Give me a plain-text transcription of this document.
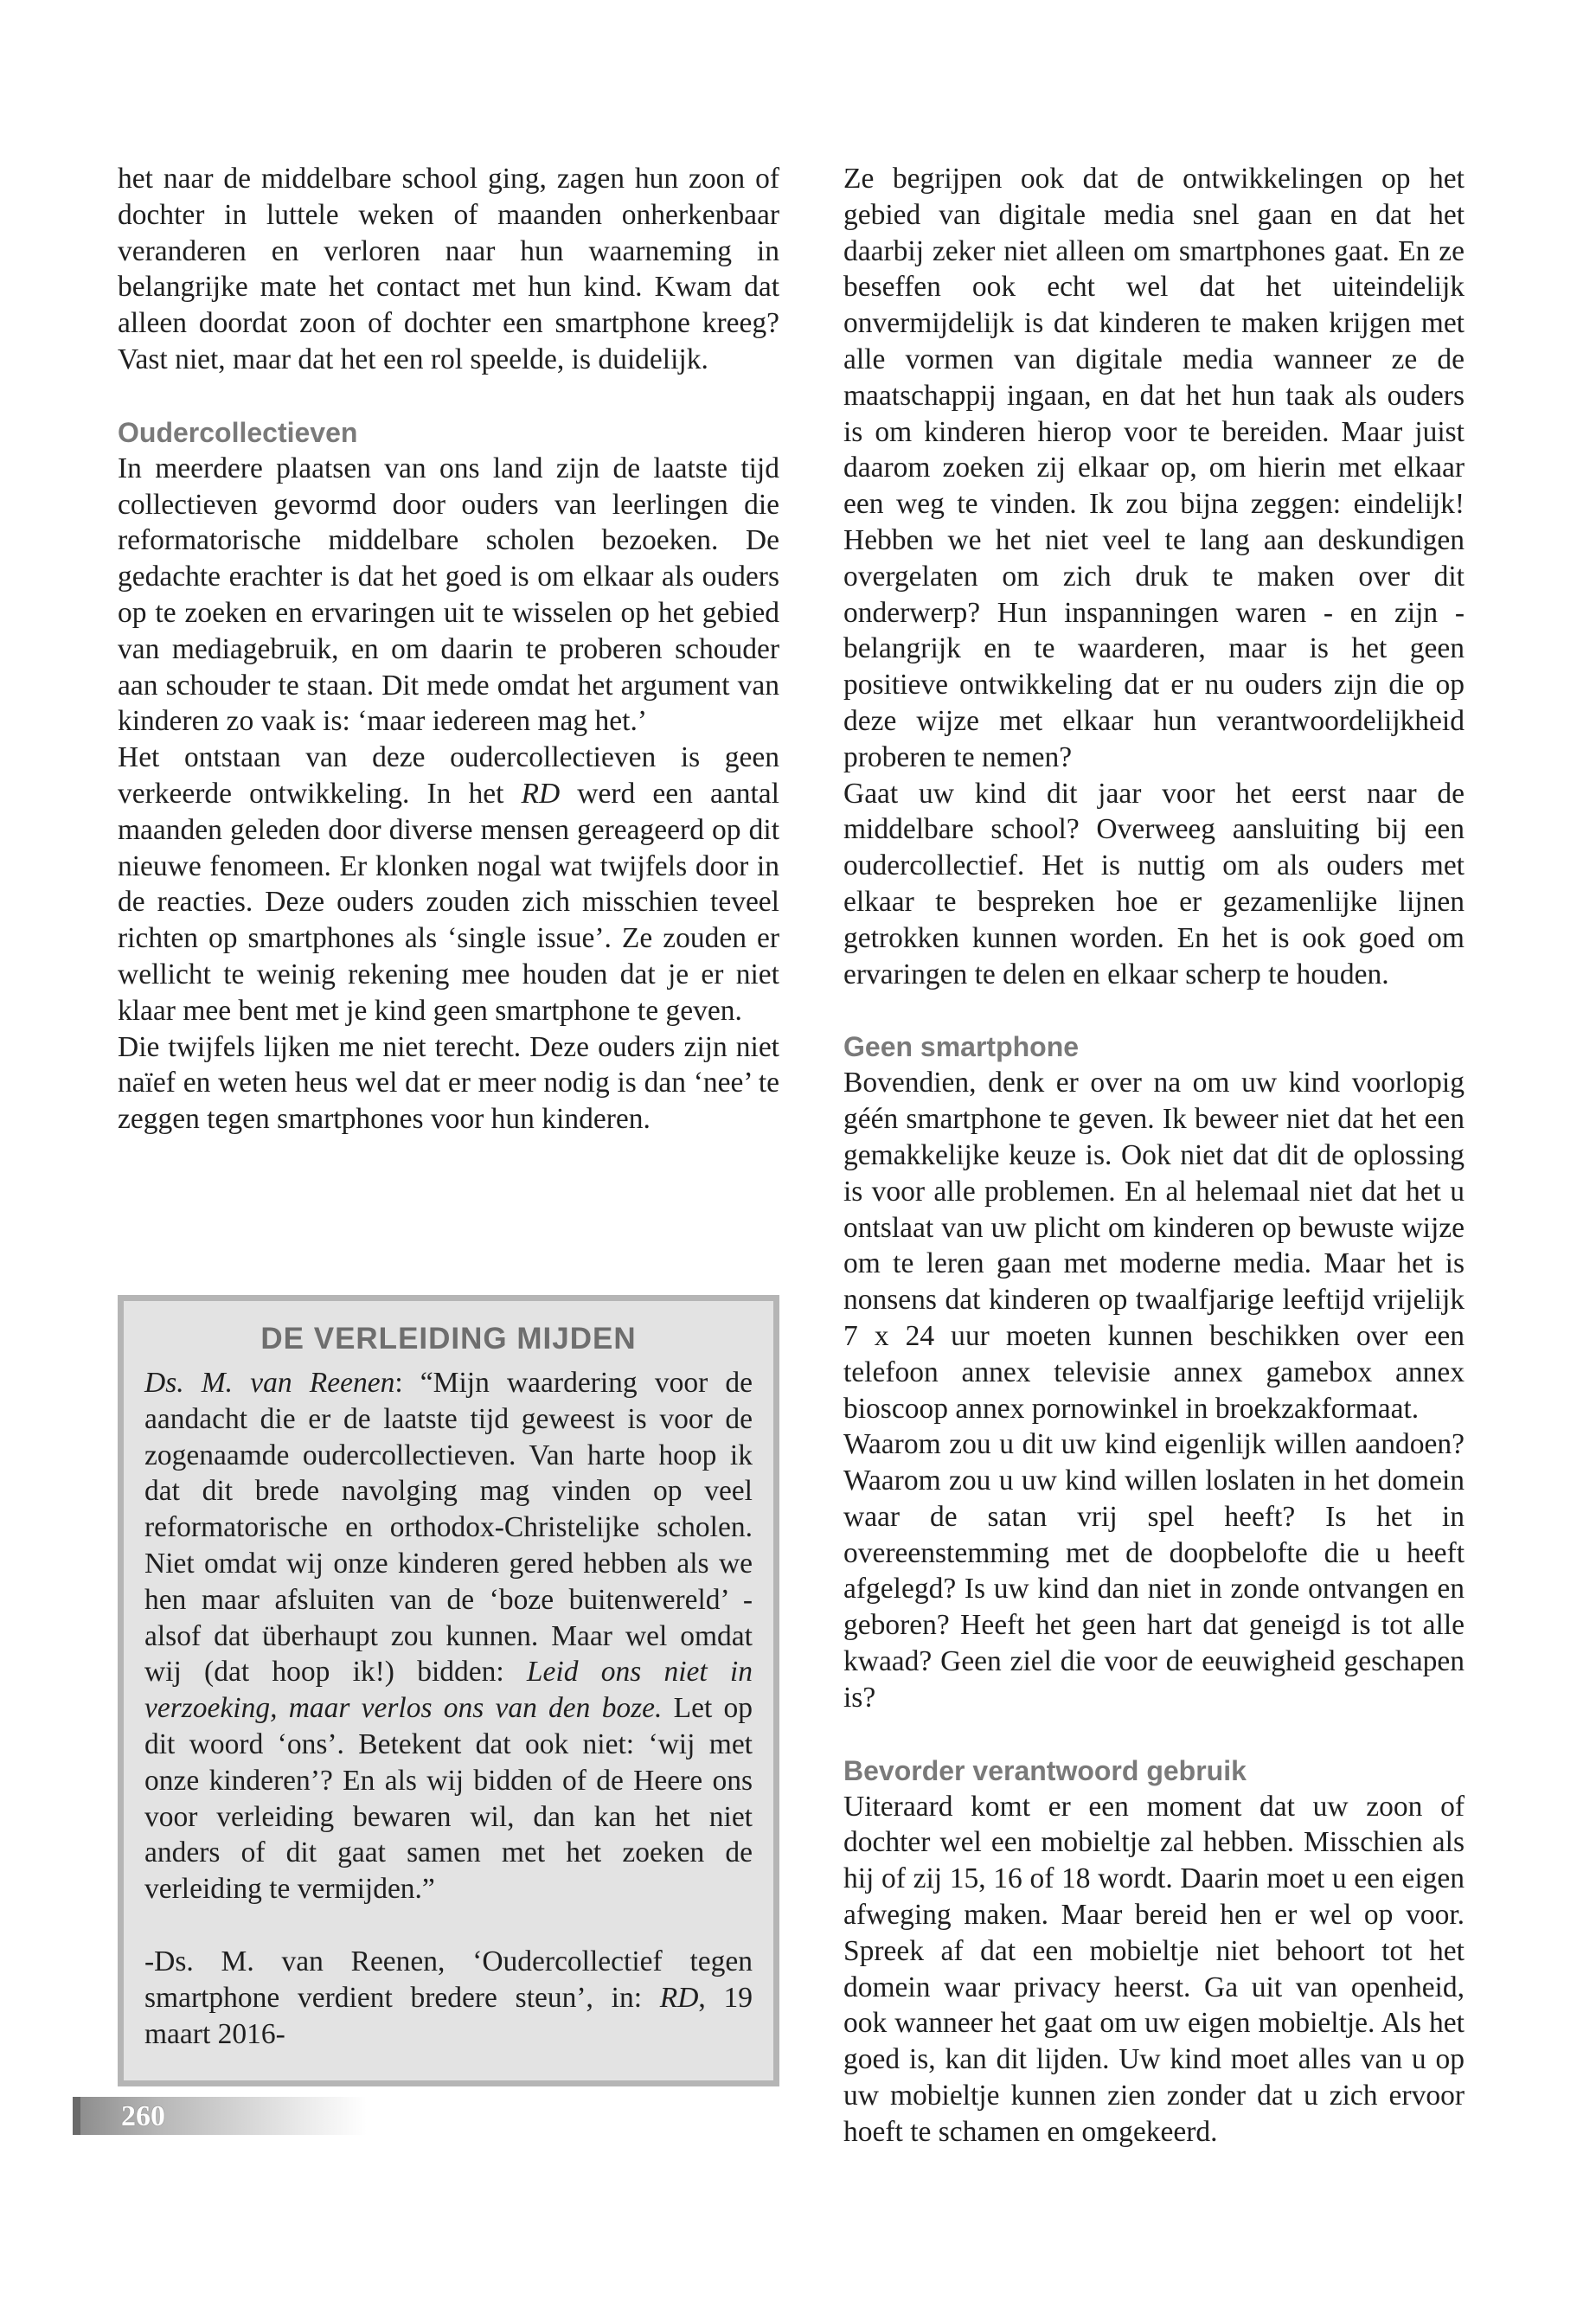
het naar de middelbare school ging, zagen hun zoon of dochter in luttele weken of maanden onherkenbaar veranderen en verloren naar hun waarneming in belangrijke mate het contact met hun kind. Kwam dat alleen doordat zoon of dochter een smartphone kreeg? Vast niet, maar dat het een rol speelde, is duidelijk.

Oudercollectieven

In meerdere plaatsen van ons land zijn de laatste tijd collectieven gevormd door ouders van leerlingen die reformatorische middelbare scholen bezoeken. De gedachte erachter is dat het goed is om elkaar als ouders op te zoeken en ervaringen uit te wisselen op het gebied van mediagebruik, en om daarin te proberen schouder aan schouder te staan. Dit mede omdat het argument van kinderen zo vaak is: ‘maar iedereen mag het.’

Het ontstaan van deze oudercollectieven is geen verkeerde ontwikkeling. In het RD werd een aantal maanden geleden door diverse mensen gereageerd op dit nieuwe fenomeen. Er klonken nogal wat twijfels door in de reacties. Deze ouders zouden zich misschien teveel richten op smartphones als ‘single issue’. Ze zouden er wellicht te weinig rekening mee houden dat je er niet klaar mee bent met je kind geen smartphone te geven.

Die twijfels lijken me niet terecht. Deze ouders zijn niet naïef en weten heus wel dat er meer nodig is dan ‘nee’ te zeggen tegen smartphones voor hun kinderen.

DE VERLEIDING MIJDEN

Ds. M. van Reenen: “Mijn waardering voor de aandacht die er de laatste tijd geweest is voor de zogenaamde oudercollectieven. Van harte hoop ik dat dit brede navolging mag vinden op veel reformatorische en orthodox-Christelijke scholen. Niet omdat wij onze kinderen gered hebben als we hen maar afsluiten van de ‘boze buitenwereld’ - alsof dat überhaupt zou kunnen. Maar wel omdat wij (dat hoop ik!) bidden: Leid ons niet in verzoeking, maar verlos ons van den boze. Let op dit woord ‘ons’. Betekent dat ook niet: ‘wij met onze kinderen’? En als wij bidden of de Heere ons voor verleiding bewaren wil, dan kan het niet anders of dit gaat samen met het zoeken de verleiding te vermijden.”

-Ds. M. van Reenen, ‘Oudercollectief tegen smartphone verdient bredere steun’, in: RD, 19 maart 2016-

Ze begrijpen ook dat de ontwikkelingen op het gebied van digitale media snel gaan en dat het daarbij zeker niet alleen om smartphones gaat. En ze beseffen ook echt wel dat het uiteindelijk onvermijdelijk is dat kinderen te maken krijgen met alle vormen van digitale media wanneer ze de maatschappij ingaan, en dat het hun taak als ouders is om kinderen hierop voor te bereiden. Maar juist daarom zoeken zij elkaar op, om hierin met elkaar een weg te vinden. Ik zou bijna zeggen: eindelijk! Hebben we het niet veel te lang aan deskundigen overgelaten om zich druk te maken over dit onderwerp? Hun inspanningen waren - en zijn - belangrijk en te waarderen, maar is het geen positieve ontwikkeling dat er nu ouders zijn die op deze wijze met elkaar hun verantwoordelijkheid proberen te nemen?

Gaat uw kind dit jaar voor het eerst naar de middelbare school? Overweeg aansluiting bij een oudercollectief. Het is nuttig om als ouders met elkaar te bespreken hoe er gezamenlijke lijnen getrokken kunnen worden. En het is ook goed om ervaringen te delen en elkaar scherp te houden.

Geen smartphone

Bovendien, denk er over na om uw kind voorlopig géén smartphone te geven. Ik beweer niet dat het een gemakkelijke keuze is. Ook niet dat dit de oplossing is voor alle problemen. En al helemaal niet dat het u ontslaat van uw plicht om kinderen op bewuste wijze om te leren gaan met moderne media. Maar het is nonsens dat kinderen op twaalfjarige leeftijd vrijelijk 7 x 24 uur moeten kunnen beschikken over een telefoon annex televisie annex gamebox annex bioscoop annex pornowinkel in broekzakformaat.

Waarom zou u dit uw kind eigenlijk willen aandoen? Waarom zou u uw kind willen loslaten in het domein waar de satan vrij spel heeft? Is het in overeenstemming met de doopbelofte die u heeft afgelegd? Is uw kind dan niet in zonde ontvangen en geboren? Heeft het geen hart dat geneigd is tot alle kwaad? Geen ziel die voor de eeuwigheid geschapen is?

Bevorder verantwoord gebruik

Uiteraard komt er een moment dat uw zoon of dochter wel een mobieltje zal hebben. Misschien als hij of zij 15, 16 of 18 wordt. Daarin moet u een eigen afweging maken. Maar bereid hen er wel op voor. Spreek af dat een mobieltje niet behoort tot het domein waar privacy heerst. Ga uit van openheid, ook wanneer het gaat om uw eigen mobieltje. Als het goed is, kan dit lijden. Uw kind moet alles van u op uw mobieltje kunnen zien zonder dat u zich ervoor hoeft te schamen en omgekeerd.

260
